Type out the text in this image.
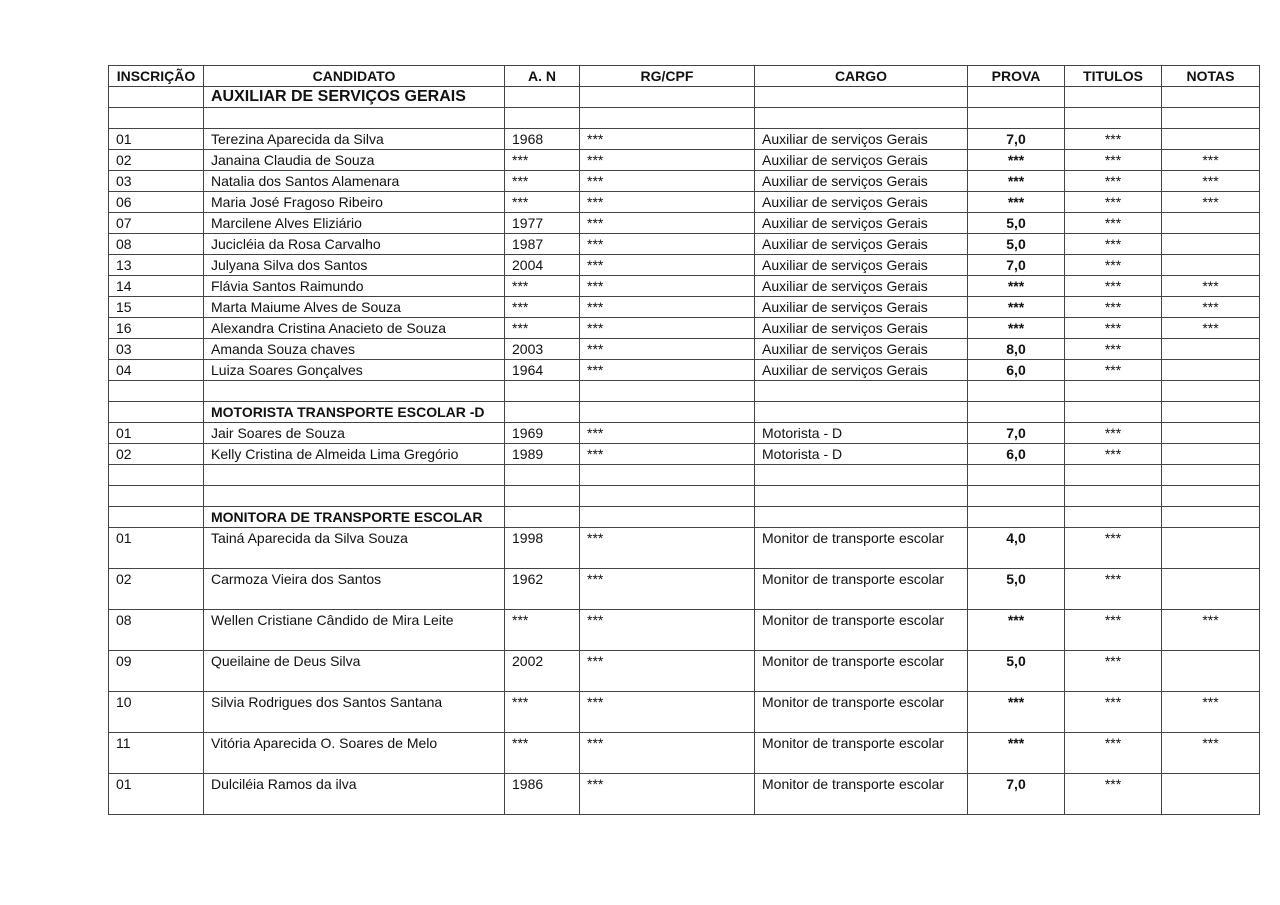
INSCRIÇÃO	CANDIDATO	A. N	RG/CPF	CARGO	PROVA	TITULOS	NOTAS
	AUXILIAR DE SERVIÇOS GERAIS						

01	Terezina Aparecida da Silva	1968	***	Auxiliar de serviços Gerais	7,0	***	
02	Janaina Claudia de Souza	***	***	Auxiliar de serviços Gerais	***	***	***
03	Natalia dos Santos Alamenara	***	***	Auxiliar de serviços Gerais	***	***	***
06	Maria José Fragoso Ribeiro	***	***	Auxiliar de serviços Gerais	***	***	***
07	Marcilene Alves Eliziário	1977	***	Auxiliar de serviços Gerais	5,0	***	
08	Jucicléia da Rosa Carvalho	1987	***	Auxiliar de serviços Gerais	5,0	***	
13	Julyana Silva dos Santos	2004	***	Auxiliar de serviços Gerais	7,0	***	
14	Flávia Santos Raimundo	***	***	Auxiliar de serviços Gerais	***	***	***
15	Marta Maiume Alves de Souza	***	***	Auxiliar de serviços Gerais	***	***	***
16	Alexandra Cristina Anacieto de Souza	***	***	Auxiliar de serviços Gerais	***	***	***
03	Amanda Souza chaves	2003	***	Auxiliar de serviços Gerais	8,0	***	
04	Luiza Soares Gonçalves	1964	***	Auxiliar de serviços Gerais	6,0	***	

	MOTORISTA TRANSPORTE ESCOLAR -D						
01	Jair Soares de Souza	1969	***	Motorista - D	7,0	***	
02	Kelly Cristina de Almeida Lima Gregório	1989	***	Motorista - D	6,0	***	

	MONITORA DE TRANSPORTE ESCOLAR						
01	Tainá Aparecida da Silva Souza	1998	***	Monitor de transporte escolar	4,0	***	
02	Carmoza Vieira dos Santos	1962	***	Monitor de transporte escolar	5,0	***	
08	Wellen Cristiane Cândido de Mira Leite	***	***	Monitor de transporte escolar	***	***	***
09	Queilaine de Deus Silva	2002	***	Monitor de transporte escolar	5,0	***	
10	Silvia Rodrigues dos Santos Santana	***	***	Monitor de transporte escolar	***	***	***
11	Vitória Aparecida O. Soares de Melo	***	***	Monitor de transporte escolar	***	***	***
01	Dulciléia Ramos da ilva	1986	***	Monitor de transporte escolar	7,0	***	
